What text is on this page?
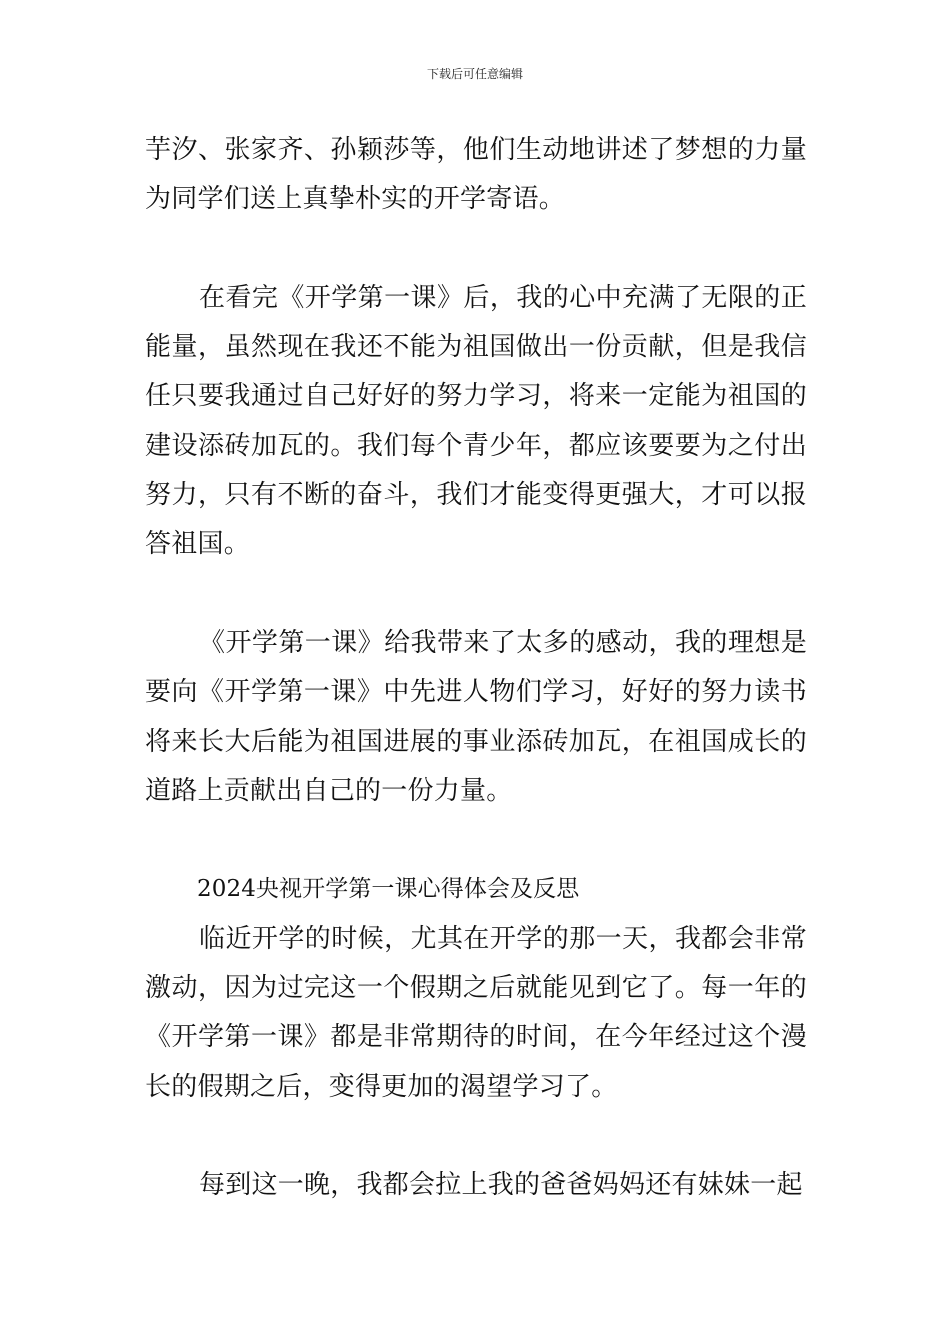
下载后可任意编辑

芋汐、张家齐、孙颖莎等，他们生动地讲述了梦想的力量为同学们送上真挚朴实的开学寄语。

在看完《开学第一课》后，我的心中充满了无限的正能量，虽然现在我还不能为祖国做出一份贡献，但是我信任只要我通过自己好好的努力学习，将来一定能为祖国的建设添砖加瓦的。我们每个青少年，都应该要要为之付出努力，只有不断的奋斗，我们才能变得更强大，才可以报答祖国。

《开学第一课》给我带来了太多的感动，我的理想是要向《开学第一课》中先进人物们学习，好好的努力读书将来长大后能为祖国进展的事业添砖加瓦，在祖国成长的道路上贡献出自己的一份力量。

2024央视开学第一课心得体会及反思

临近开学的时候，尤其在开学的那一天，我都会非常激动，因为过完这一个假期之后就能见到它了。每一年的《开学第一课》都是非常期待的时间，在今年经过这个漫长的假期之后，变得更加的渴望学习了。

每到这一晚，我都会拉上我的爸爸妈妈还有妹妹一起
